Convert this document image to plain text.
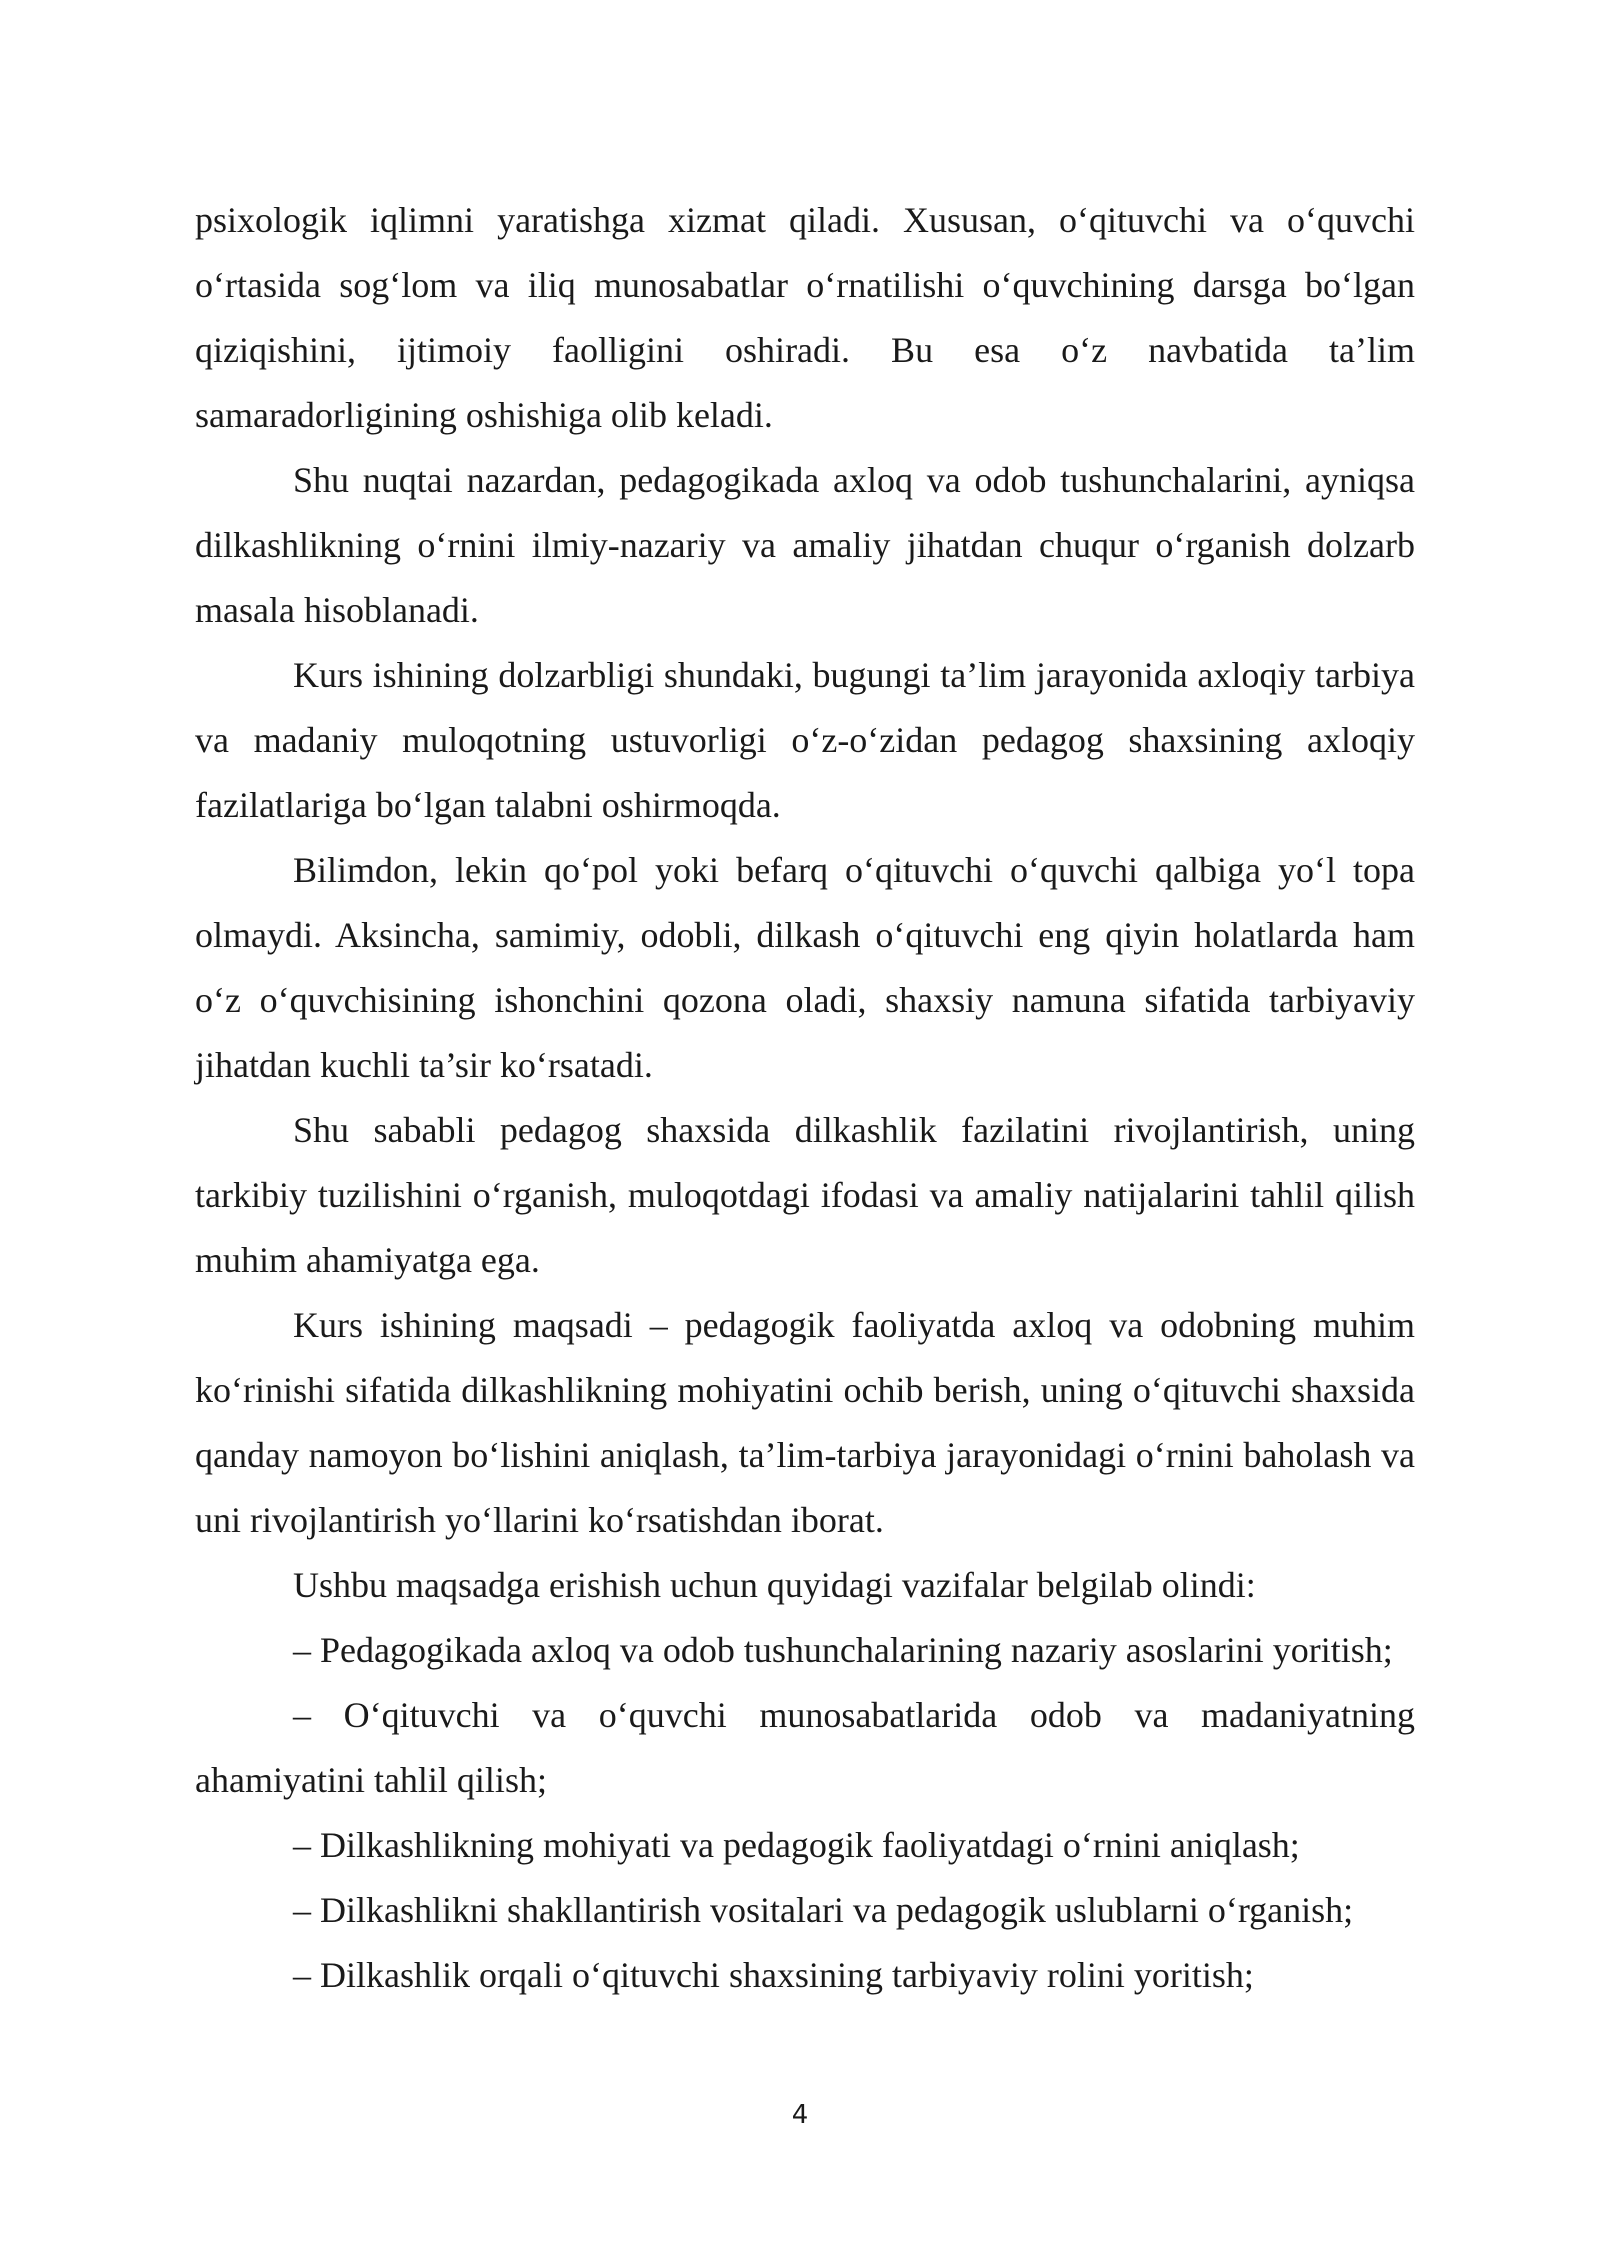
psixologik iqlimni yaratishga xizmat qiladi. Xususan, o‘qituvchi va o‘quvchi o‘rtasida sog‘lom va iliq munosabatlar o‘rnatilishi o‘quvchining darsga bo‘lgan qiziqishini, ijtimoiy faolligini oshiradi. Bu esa o‘z navbatida ta’lim samaradorligining oshishiga olib keladi.

Shu nuqtai nazardan, pedagogikada axloq va odob tushunchalarini, ayniqsa dilkashlikning o‘rnini ilmiy-nazariy va amaliy jihatdan chuqur o‘rganish dolzarb masala hisoblanadi.

Kurs ishining dolzarbligi shundaki, bugungi ta’lim jarayonida axloqiy tarbiya va madaniy muloqotning ustuvorligi o‘z-o‘zidan pedagog shaxsining axloqiy fazilatlariga bo‘lgan talabni oshirmoqda.

Bilimdon, lekin qo‘pol yoki befarq o‘qituvchi o‘quvchi qalbiga yo‘l topa olmaydi. Aksincha, samimiy, odobli, dilkash o‘qituvchi eng qiyin holatlarda ham o‘z o‘quvchisining ishonchini qozona oladi, shaxsiy namuna sifatida tarbiyaviy jihatdan kuchli ta’sir ko‘rsatadi.

Shu sababli pedagog shaxsida dilkashlik fazilatini rivojlantirish, uning tarkibiy tuzilishini o‘rganish, muloqotdagi ifodasi va amaliy natijalarini tahlil qilish muhim ahamiyatga ega.

Kurs ishining maqsadi – pedagogik faoliyatda axloq va odobning muhim ko‘rinishi sifatida dilkashlikning mohiyatini ochib berish, uning o‘qituvchi shaxsida qanday namoyon bo‘lishini aniqlash, ta’lim-tarbiya jarayonidagi o‘rnini baholash va uni rivojlantirish yo‘llarini ko‘rsatishdan iborat.

Ushbu maqsadga erishish uchun quyidagi vazifalar belgilab olindi:

– Pedagogikada axloq va odob tushunchalarining nazariy asoslarini yoritish;

– O‘qituvchi va o‘quvchi munosabatlarida odob va madaniyatning ahamiyatini tahlil qilish;

– Dilkashlikning mohiyati va pedagogik faoliyatdagi o‘rnini aniqlash;

– Dilkashlikni shakllantirish vositalari va pedagogik uslublarni o‘rganish;

– Dilkashlik orqali o‘qituvchi shaxsining tarbiyaviy rolini yoritish;

4
